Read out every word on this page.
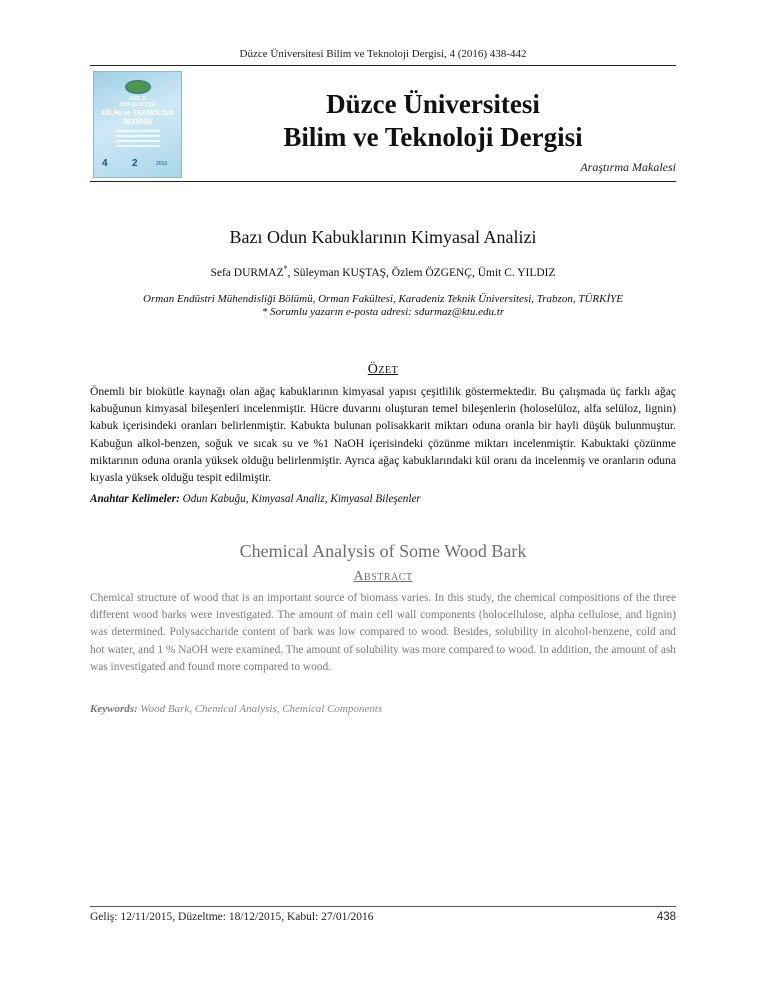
Düzce Üniversitesi Bilim ve Teknoloji Dergisi, 4 (2016) 438-442
DÜZCE
ÜNİVERSİTESİ
BİLİM ve TEKNOLOJİ
DERGİSİ
4 2	2016
Düzce Üniversitesi
Bilim ve Teknoloji Dergisi
Araştırma Makalesi
Bazı Odun Kabuklarının Kimyasal Analizi
Sefa DURMAZ*, Süleyman KUŞTAŞ, Özlem ÖZGENÇ, Ümit C. YILDIZ
Orman Endüstri Mühendisliği Bölümü, Orman Fakültesi, Karadeniz Teknik Üniversitesi, Trabzon, TÜRKİYE
* Sorumlu yazarın e-posta adresi: sdurmaz@ktu.edu.tr
Özet
Önemli bir biokütle kaynağı olan ağaç kabuklarının kimyasal yapısı çeşitlilik göstermektedir. Bu çalışmada üç farklı ağaç kabuğunun kimyasal bileşenleri incelenmiştir. Hücre duvarını oluşturan temel bileşenlerin (holoselüloz, alfa selüloz, lignin) kabuk içerisindeki oranları belirlenmiştir. Kabukta bulunan polisakkarit miktarı oduna oranla bir hayli düşük bulunmuştur. Kabuğun alkol-benzen, soğuk ve sıcak su ve %1 NaOH içerisindeki çözünme miktarı incelenmiştir. Kabuktaki çözünme miktarının oduna oranla yüksek olduğu belirlenmiştir. Ayrıca ağaç kabuklarındaki kül oranı da incelenmiş ve oranların oduna kıyasla yüksek olduğu tespit edilmiştir.
Anahtar Kelimeler: Odun Kabuğu, Kimyasal Analiz, Kimyasal Bileşenler
Chemical Analysis of Some Wood Bark
Abstract
Chemical structure of wood that is an important source of biomass varies. In this study, the chemical compositions of the three different wood barks were investigated. The amount of main cell wall components (holocellulose, alpha cellulose, and lignin) was determined. Polysaccharide content of bark was low compared to wood. Besides, solubility in alcohol-benzene, cold and hot water, and 1 % NaOH were examined. The amount of solubility was more compared to wood. In addition, the amount of ash was investigated and found more compared to wood.
Keywords: Wood Bark, Chemical Analysis, Chemical Components
Geliş: 12/11/2015, Düzeltme: 18/12/2015, Kabul: 27/01/2016	438
